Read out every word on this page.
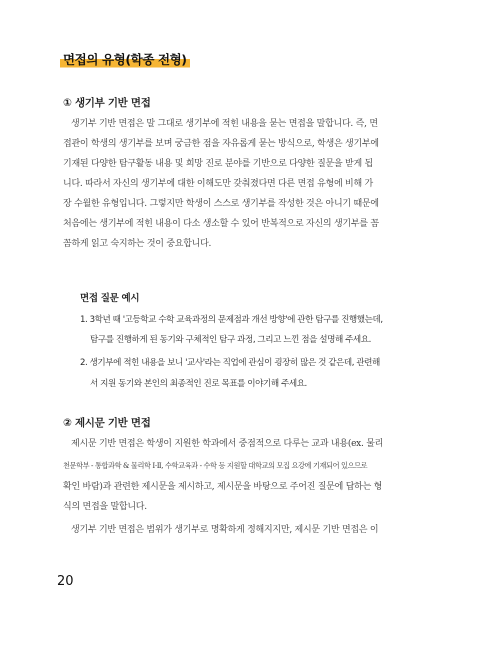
면접의 유형(학종 전형)
① 생기부 기반 면접
생기부 기반 면접은 말 그대로 생기부에 적힌 내용을 묻는 면접을 말합니다. 즉, 면
접관이 학생의 생기부를 보며 궁금한 점을 자유롭게 묻는 방식으로, 학생은 생기부에
기재된 다양한 탐구활동 내용 및 희망 진로 분야를 기반으로 다양한 질문을 받게 됩
니다. 따라서 자신의 생기부에 대한 이해도만 갖춰졌다면 다른 면접 유형에 비해 가
장 수월한 유형입니다. 그렇지만 학생이 스스로 생기부를 작성한 것은 아니기 때문에
처음에는 생기부에 적힌 내용이 다소 생소할 수 있어 반복적으로 자신의 생기부를 꼼
꼼하게 읽고 숙지하는 것이 중요합니다.
면접 질문 예시
1. 3학년 때 '고등학교 수학 교육과정의 문제점과 개선 방향'에 관한 탐구를 진행했는데,
탐구를 진행하게 된 동기와 구체적인 탐구 과정, 그리고 느낀 점을 설명해 주세요.
2. 생기부에 적힌 내용을 보니 '교사'라는 직업에 관심이 굉장히 많은 것 같은데, 관련해
서 지원 동기와 본인의 최종적인 진로 목표를 이야기해 주세요.
② 제시문 기반 면접
제시문 기반 면접은 학생이 지원한 학과에서 중점적으로 다루는 교과 내용(ex. 물리
천문학부 - 통합과학 & 물리학 Ⅰ·Ⅱ, 수학교육과 - 수학 등 지원할 대학교의 모집 요강에 기재되어 있으므로
확인 바람)과 관련한 제시문을 제시하고, 제시문을 바탕으로 주어진 질문에 답하는 형
식의 면접을 말합니다.
생기부 기반 면접은 범위가 생기부로 명확하게 정해지지만, 제시문 기반 면접은 이
20
